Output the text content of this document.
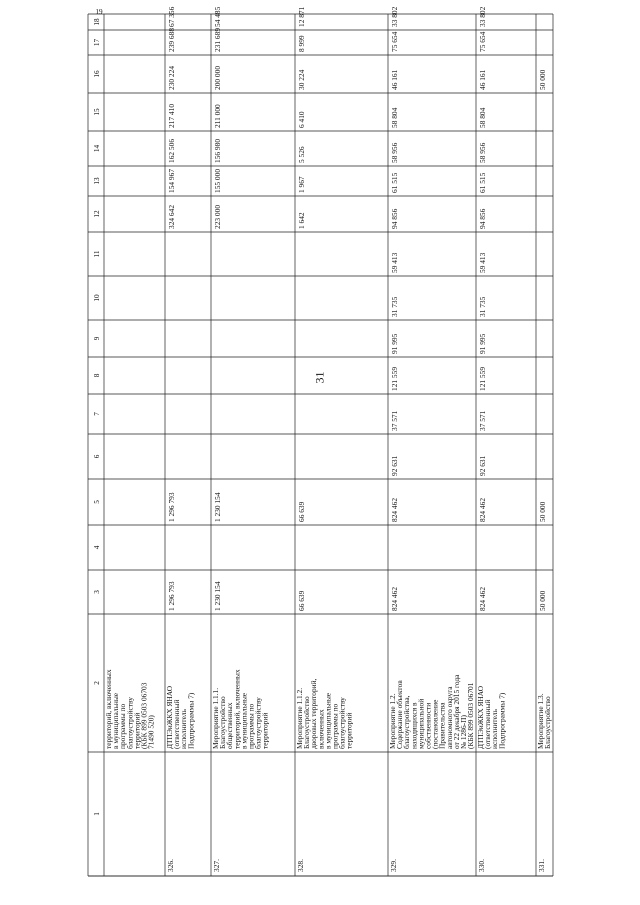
31
1
2
3
4
5
6
7
8
9
10
11
12
13
14
15
16
17
18
19
территорий, включенных
в муниципальные
программы по
благоустройству
территорий
(КБК 899 0503 06703
71490 520)
326.
ДТПЭиЖКХ ЯНАО
(ответственный
исполнитель
Подпрограммы 7)
1 296 793
1 296 793
324 642
154 967
162 506
217 410
230 224
239 688
67 356
327.
Мероприятие 1.1.1.
Благоустройство
общественных
территорий, включенных
в муниципальные
программы по
благоустройству
территорий
1 230 154
1 230 154
223 000
155 000
156 980
211 000
200 000
231 689
54 485
328.
Мероприятие 1.1.2.
Благоустройство
дворовых территорий,
включенных
в муниципальные
программы по
благоустройству
территорий
66 639
66 639
1 642
1 967
5 526
6 410
30 224
8 999
12 871
329.
Мероприятие 1.2.
Содержание объектов
благоустройства,
находящихся в
муниципальной
собственности
(постановление
Правительства
автономного округа
от 22 декабря 2015 года
№ 1286-П)
(КБК 899 0503 06701
824 462
824 462
92 631
37 571
121 559
91 995
31 735
59 413
94 856
61 515
58 956
58 804
46 161
75 654
33 802
330.
ДТПЭиЖКХ ЯНАО
(ответственный
исполнитель
Подпрограммы 7)
824 462
824 462
92 631
37 571
121 559
91 995
31 735
59 413
94 856
61 515
58 956
58 804
46 161
75 654
33 802
331.
Мероприятие 1.3.
Благоустройство
50 000
50 000
50 000
